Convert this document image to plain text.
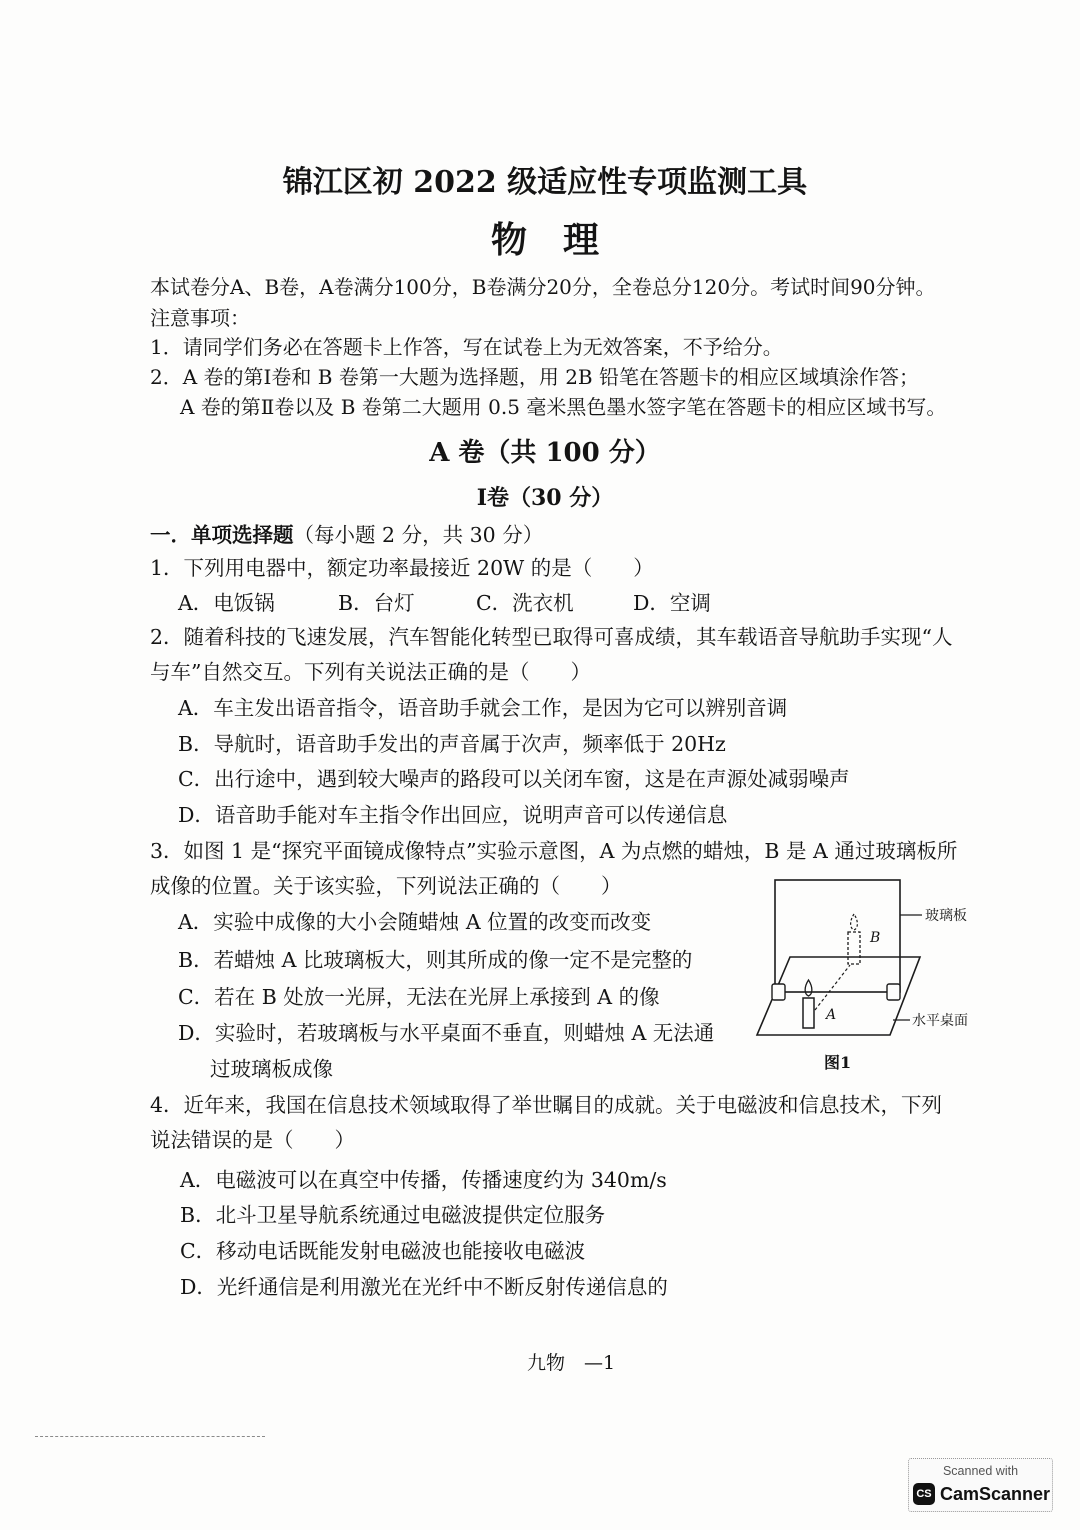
锦江区初 2022 级适应性专项监测工具
物　理
本试卷分A、B卷，A卷满分100分，B卷满分20分，全卷总分120分。考试时间90分钟。
注意事项：
1．请同学们务必在答题卡上作答，写在试卷上为无效答案，不予给分。
2．A 卷的第Ⅰ卷和 B 卷第一大题为选择题，用 2B 铅笔在答题卡的相应区域填涂作答；
A 卷的第Ⅱ卷以及 B 卷第二大题用 0.5 毫米黑色墨水签字笔在答题卡的相应区域书写。
A 卷（共 100 分）
Ⅰ卷（30 分）
一．单项选择题（每小题 2 分，共 30 分）
1．下列用电器中，额定功率最接近 20W 的是（　　）
A．电饭锅	B．台灯	C．洗衣机	D．空调
2．随着科技的飞速发展，汽车智能化转型已取得可喜成绩，其车载语音导航助手实现“人
与车”自然交互。下列有关说法正确的是（　　）
A．车主发出语音指令，语音助手就会工作，是因为它可以辨别音调
B．导航时，语音助手发出的声音属于次声，频率低于 20Hz
C．出行途中，遇到较大噪声的路段可以关闭车窗，这是在声源处减弱噪声
D．语音助手能对车主指令作出回应，说明声音可以传递信息
3．如图 1 是“探究平面镜成像特点”实验示意图，A 为点燃的蜡烛，B 是 A 通过玻璃板所
成像的位置。关于该实验，下列说法正确的（　　）
A．实验中成像的大小会随蜡烛 A 位置的改变而改变
B．若蜡烛 A 比玻璃板大，则其所成的像一定不是完整的
C．若在 B 处放一光屏，无法在光屏上承接到 A 的像
D．实验时，若玻璃板与水平桌面不垂直，则蜡烛 A 无法通
过玻璃板成像
A
B
玻璃板
水平桌面
图1
4．近年来，我国在信息技术领域取得了举世瞩目的成就。关于电磁波和信息技术，下列
说法错误的是（　　）
A．电磁波可以在真空中传播，传播速度约为 340m/s
B．北斗卫星导航系统通过电磁波提供定位服务
C．移动电话既能发射电磁波也能接收电磁波
D．光纤通信是利用激光在光纤中不断反射传递信息的
九物　—1
Scanned with
CS CamScanner
